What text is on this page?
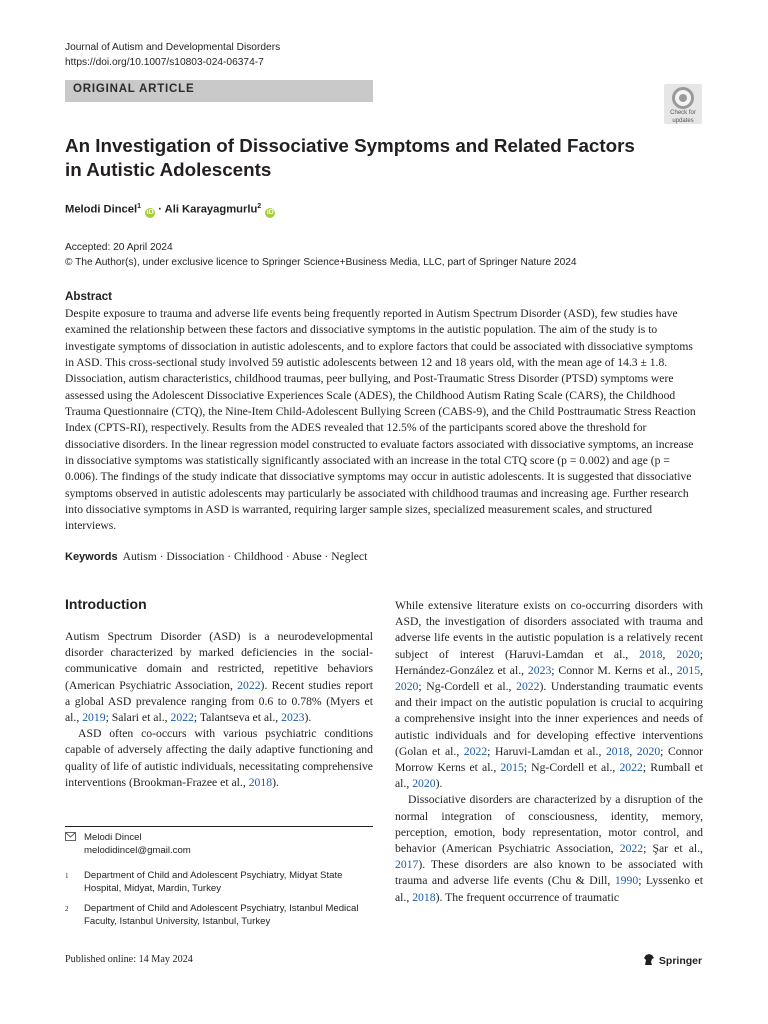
Journal of Autism and Developmental Disorders
https://doi.org/10.1007/s10803-024-06374-7
ORIGINAL ARTICLE
Check for
updates
An Investigation of Dissociative Symptoms and Related Factors
in Autistic Adolescents
Melodi Dincel$^1$ iD · Ali Karayagmurlu$^2$ iD
Accepted: 20 April 2024
© The Author(s), under exclusive licence to Springer Science+Business Media, LLC, part of Springer Nature 2024
Abstract
Despite exposure to trauma and adverse life events being frequently reported in Autism Spectrum Disorder (ASD), few studies have examined the relationship between these factors and dissociative symptoms in the autistic population. The aim of the study is to investigate symptoms of dissociation in autistic adolescents, and to explore factors that could be associated with dissociative symptoms in ASD. This cross-sectional study involved 59 autistic adolescents between 12 and 18 years old, with the mean age of 14.3 ± 1.8. Dissociation, autism characteristics, childhood traumas, peer bullying, and Post-Traumatic Stress Disorder (PTSD) symptoms were assessed using the Adolescent Dissociative Experiences Scale (ADES), the Childhood Autism Rating Scale (CARS), the Childhood Trauma Questionnaire (CTQ), the Nine-Item Child-Adolescent Bullying Screen (CABS-9), and the Child Posttraumatic Stress Reaction Index (CPTS-RI), respectively. Results from the ADES revealed that 12.5% of the participants scored above the threshold for dissociative disorders. In the linear regression model constructed to evaluate factors associated with dissociative symptoms, an increase in dissociative symptoms was statistically significantly associated with an increase in the total CTQ score (p = 0.002) and age (p = 0.006). The findings of the study indicate that dissociative symptoms may occur in autistic adolescents. It is suggested that dissociative symptoms observed in autistic adolescents may particularly be associated with childhood traumas and increasing age. Further research into dissociative symptoms in ASD is warranted, requiring larger sample sizes, specialized measurement scales, and structured interviews.
Keywords Autism · Dissociation · Childhood · Abuse · Neglect
Introduction

Autism Spectrum Disorder (ASD) is a neurodevelopmental disorder characterized by marked deficiencies in the social-communicative domain and restricted, repetitive behaviors (American Psychiatric Association, 2022). Recent studies report a global ASD prevalence ranging from 0.6 to 0.78% (Myers et al., 2019; Salari et al., 2022; Talantseva et al., 2023).

ASD often co-occurs with various psychiatric conditions capable of adversely affecting the daily adaptive functioning and quality of life of autistic individuals, necessitating comprehensive interventions (Brookman-Frazee et al., 2018).

While extensive literature exists on co-occurring disorders with ASD, the investigation of disorders associated with trauma and adverse life events in the autistic population is a relatively recent subject of interest (Haruvi-Lamdan et al., 2018, 2020; Hernández-González et al., 2023; Connor M. Kerns et al., 2015, 2020; Ng-Cordell et al., 2022). Understanding traumatic events and their impact on the autistic population is crucial to acquiring a comprehensive insight into the inner experiences and needs of autistic individuals and for developing effective interventions (Golan et al., 2022; Haruvi-Lamdan et al., 2018, 2020; Connor Morrow Kerns et al., 2015; Ng-Cordell et al., 2022; Rumball et al., 2020).

Dissociative disorders are characterized by a disruption of the normal integration of consciousness, identity, memory, perception, emotion, body representation, motor control, and behavior (American Psychiatric Association, 2022; Şar et al., 2017). These disorders are also known to be associated with trauma and adverse life events (Chu & Dill, 1990; Lyssenko et al., 2018). The frequent occurrence of traumatic

Melodi Dincel
melodidincel@gmail.com
1	Department of Child and Adolescent Psychiatry, Midyat State Hospital, Midyat, Mardin, Turkey
2	Department of Child and Adolescent Psychiatry, Istanbul Medical Faculty, Istanbul University, Istanbul, Turkey
Published online: 14 May 2024	Springer
